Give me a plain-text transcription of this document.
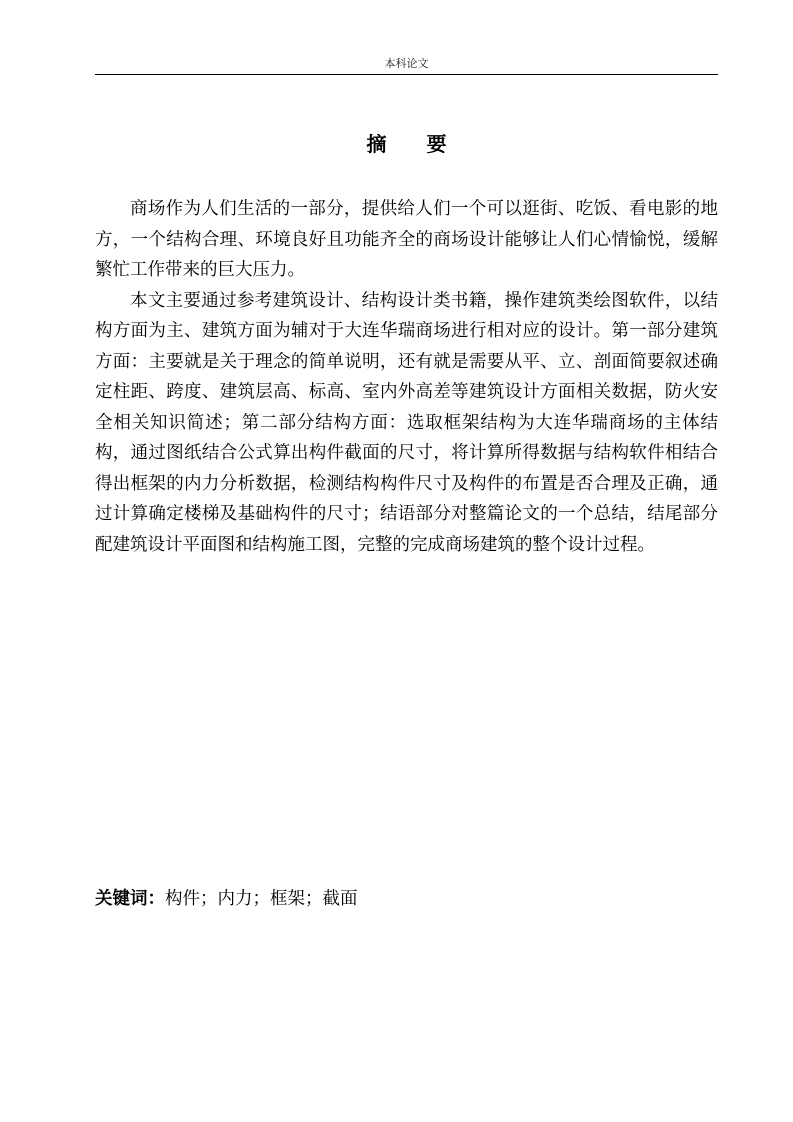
本科论文
摘要

商场作为人们生活的一部分，提供给人们一个可以逛街、吃饭、看电影的地方，一个结构合理、环境良好且功能齐全的商场设计能够让人们心情愉悦，缓解繁忙工作带来的巨大压力。

本文主要通过参考建筑设计、结构设计类书籍，操作建筑类绘图软件，以结构方面为主、建筑方面为辅对于大连华瑞商场进行相对应的设计。第一部分建筑方面：主要就是关于理念的简单说明，还有就是需要从平、立、剖面简要叙述确定柱距、跨度、建筑层高、标高、室内外高差等建筑设计方面相关数据，防火安全相关知识简述；第二部分结构方面：选取框架结构为大连华瑞商场的主体结构，通过图纸结合公式算出构件截面的尺寸，将计算所得数据与结构软件相结合得出框架的内力分析数据，检测结构构件尺寸及构件的布置是否合理及正确，通过计算确定楼梯及基础构件的尺寸；结语部分对整篇论文的一个总结，结尾部分配建筑设计平面图和结构施工图，完整的完成商场建筑的整个设计过程。

关键词：构件；内力；框架；截面
